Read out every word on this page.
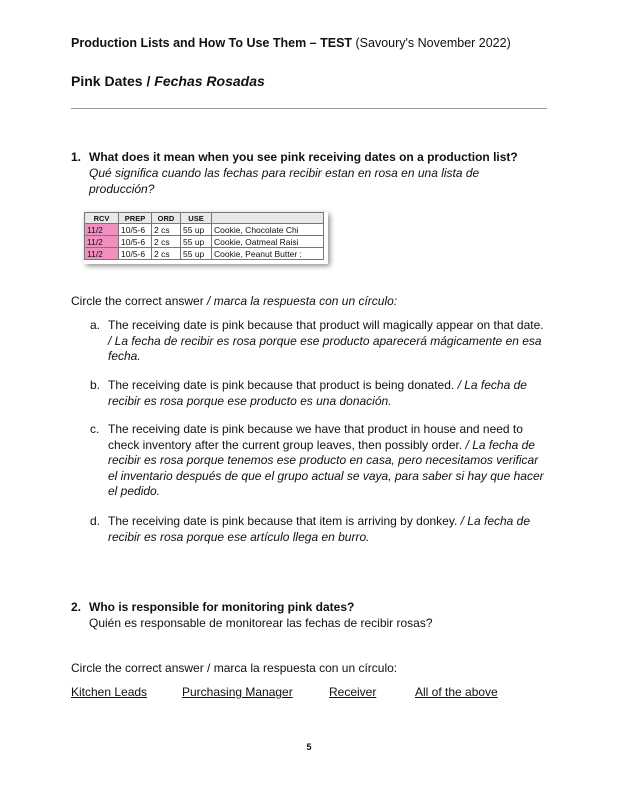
Production Lists and How To Use Them – TEST (Savoury's November 2022)
Pink Dates / Fechas Rosadas
1. What does it mean when you see pink receiving dates on a production list?
Qué significa cuando las fechas para recibir estan en rosa en una lista de producción?
RCV	PREP	ORD	USE	
11/2	10/5-6	2 cs	55 up	Cookie, Chocolate Chi
11/2	10/5-6	2 cs	55 up	Cookie, Oatmeal Raisi
11/2	10/5-6	2 cs	55 up	Cookie, Peanut Butter :
Circle the correct answer / marca la respuesta con un círculo:
a. The receiving date is pink because that product will magically appear on that date. / La fecha de recibir es rosa porque ese producto aparecerá mágicamente en esa fecha.
b. The receiving date is pink because that product is being donated. / La fecha de recibir es rosa porque ese producto es una donación.
c. The receiving date is pink because we have that product in house and need to check inventory after the current group leaves, then possibly order. / La fecha de recibir es rosa porque tenemos ese producto en casa, pero necesitamos verificar el inventario después de que el grupo actual se vaya, para saber si hay que hacer el pedido.
d. The receiving date is pink because that item is arriving by donkey. / La fecha de recibir es rosa porque ese artículo llega en burro.
2. Who is responsible for monitoring pink dates?
Quién es responsable de monitorear las fechas de recibir rosas?
Circle the correct answer / marca la respuesta con un círculo:
Kitchen Leads	Purchasing Manager	Receiver	All of the above
5
